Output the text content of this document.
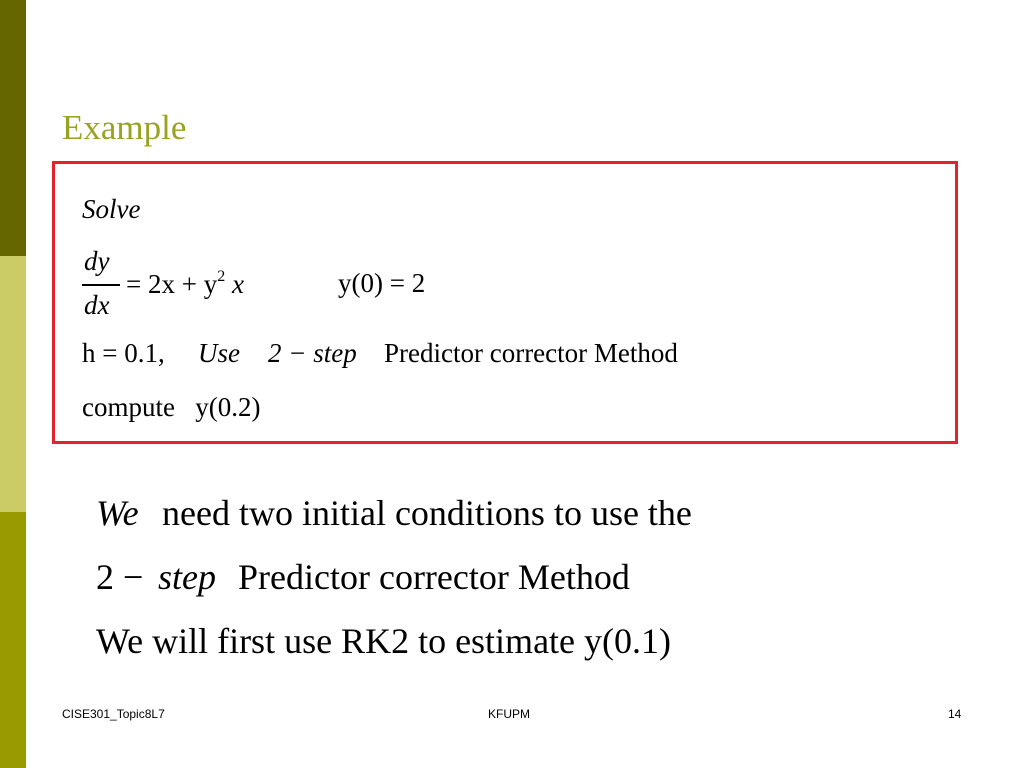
Example
Solve
dy
dx
= $2x + y^2$ x	y(0) = 2
h = 0.1, Use 2 − step Predictor corrector Method
compute   y(0.2)
We need two initial conditions to use the
2 − step Predictor corrector Method
We will first use RK2 to estimate y(0.1)
CISE301_Topic8L7	KFUPM	14
